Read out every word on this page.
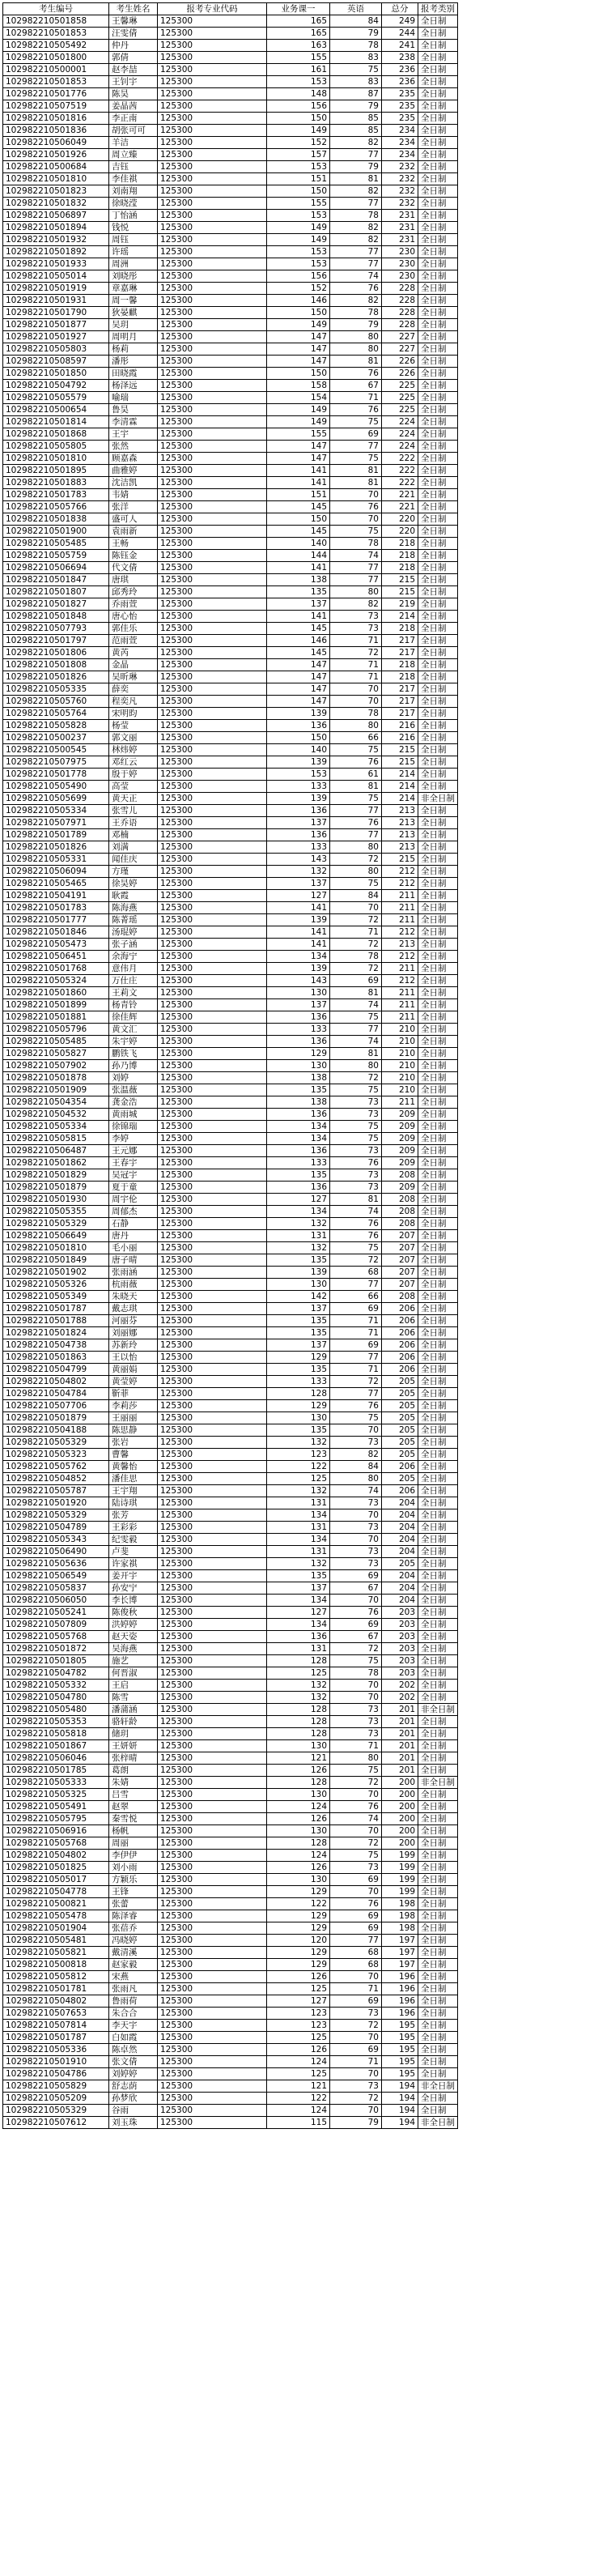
考生编号	考生姓名	报考专业代码	业务课一	英语	总分	报考类别
102982210501858	王馨琳	125300	165	84	249	全日制
102982210501853	汪雯倩	125300	165	79	244	全日制
102982210505492	仲丹	125300	163	78	241	全日制
102982210501800	郭倩	125300	155	83	238	全日制
102982210500001	赵李喆	125300	161	75	236	全日制
102982210501853	王钊宇	125300	153	83	236	全日制
102982210501776	陈昊	125300	148	87	235	全日制
102982210507519	姜晶茜	125300	156	79	235	全日制
102982210501816	李正南	125300	150	85	235	全日制
102982210501836	胡张可可	125300	149	85	234	全日制
102982210506049	羊洁	125300	152	82	234	全日制
102982210501926	周立臻	125300	157	77	234	全日制
102982210500684	吉钰	125300	153	79	232	全日制
102982210501810	李佳祺	125300	151	81	232	全日制
102982210501823	刘南翔	125300	150	82	232	全日制
102982210501832	徐晓滢	125300	155	77	232	全日制
102982210506897	丁怡涵	125300	153	78	231	全日制
102982210501894	钱悦	125300	149	82	231	全日制
102982210501932	周钰	125300	149	82	231	全日制
102982210501892	许瑶	125300	153	77	230	全日制
102982210501933	周洲	125300	153	77	230	全日制
102982210505014	刘晓彤	125300	156	74	230	全日制
102982210501919	章嘉琳	125300	152	76	228	全日制
102982210501931	周一馨	125300	146	82	228	全日制
102982210501790	狄晏麒	125300	150	78	228	全日制
102982210501877	吴玥	125300	149	79	228	全日制
102982210501927	周明月	125300	147	80	227	全日制
102982210505803	杨莉	125300	147	80	227	全日制
102982210508597	潘彤	125300	147	81	226	全日制
102982210501850	田晓霞	125300	150	76	226	全日制
102982210504792	杨泽远	125300	158	67	225	全日制
102982210505579	喻瑞	125300	154	71	225	全日制
102982210500654	鲁昊	125300	149	76	225	全日制
102982210501814	李清霖	125300	149	75	224	全日制
102982210501868	王宇	125300	155	69	224	全日制
102982210505805	张然	125300	147	77	224	全日制
102982210501810	顾嘉森	125300	147	75	222	全日制
102982210501895	曲雅婷	125300	141	81	222	全日制
102982210501883	沈洁凯	125300	141	81	222	全日制
102982210501783	韦婧	125300	151	70	221	全日制
102982210505766	张洋	125300	145	76	221	全日制
102982210501838	盛可人	125300	150	70	220	全日制
102982210501900	袁雨新	125300	145	75	220	全日制
102982210505485	王畅	125300	140	78	218	全日制
102982210505759	陈钰金	125300	144	74	218	全日制
102982210506694	代文倩	125300	141	77	218	全日制
102982210501847	唐琪	125300	138	77	215	全日制
102982210501807	邱秀玲	125300	135	80	215	全日制
102982210501827	乔雨萱	125300	137	82	219	全日制
102982210501848	唐心怡	125300	141	73	214	全日制
102982210507793	郭佳乐	125300	145	73	218	全日制
102982210501797	范雨萱	125300	146	71	217	全日制
102982210501806	黄芮	125300	145	72	217	全日制
102982210501808	金晶	125300	147	71	218	全日制
102982210501826	吴昕琳	125300	147	71	218	全日制
102982210505335	薛奕	125300	147	70	217	全日制
102982210505760	程奕凡	125300	147	70	217	全日制
102982210505764	宋明昀	125300	139	78	217	全日制
102982210505828	杨莹	125300	136	80	216	全日制
102982210500237	郭文丽	125300	150	66	216	全日制
102982210500545	林炜婷	125300	140	75	215	全日制
102982210507975	邓红云	125300	139	76	215	全日制
102982210501778	殷于婷	125300	153	61	214	全日制
102982210505490	高莹	125300	133	81	214	全日制
102982210505699	黄天正	125300	139	75	214	非全日制
102982210505334	张雪儿	125300	136	77	213	全日制
102982210507971	王乔语	125300	137	76	213	全日制
102982210501789	邓楠	125300	136	77	213	全日制
102982210501826	刘满	125300	133	80	213	全日制
102982210505331	闻佳庆	125300	143	72	215	全日制
102982210506094	方瑾	125300	132	80	212	全日制
102982210505465	徐昊婷	125300	137	75	212	全日制
102982210504191	耿霞	125300	127	84	211	全日制
102982210501783	陈海燕	125300	141	70	211	全日制
102982210501777	陈菁瑶	125300	139	72	211	全日制
102982210501846	汤琨婷	125300	141	71	212	全日制
102982210505473	张子涵	125300	141	72	213	全日制
102982210506451	余海宁	125300	134	78	212	全日制
102982210501768	意伟月	125300	139	72	211	全日制
102982210505324	万仕庄	125300	143	69	212	全日制
102982210501860	王莉文	125300	130	81	211	全日制
102982210501899	杨青铃	125300	137	74	211	全日制
102982210501881	徐佳辉	125300	136	75	211	全日制
102982210505796	黄文汇	125300	133	77	210	全日制
102982210505485	朱宇婷	125300	136	74	210	全日制
102982210505827	鹏铁飞	125300	129	81	210	全日制
102982210507902	孙乃博	125300	130	80	210	全日制
102982210501878	刘婷	125300	138	72	210	全日制
102982210501909	张温薇	125300	135	75	210	全日制
102982210504354	龚金浩	125300	138	73	211	全日制
102982210504532	黄雨城	125300	136	73	209	全日制
102982210505334	徐锦瑞	125300	134	75	209	全日制
102982210505815	李婷	125300	134	75	209	全日制
102982210506487	王元娜	125300	136	73	209	全日制
102982210501862	王春宇	125300	133	76	209	全日制
102982210501829	吴冠宇	125300	135	73	208	全日制
102982210501879	夏于童	125300	136	73	209	全日制
102982210501930	周宇伦	125300	127	81	208	全日制
102982210505355	周郁杰	125300	134	74	208	全日制
102982210505329	石静	125300	132	76	208	全日制
102982210506649	唐丹	125300	131	76	207	全日制
102982210501810	毛小丽	125300	132	75	207	全日制
102982210501849	唐子晴	125300	135	72	207	全日制
102982210501902	张雨涵	125300	139	68	207	全日制
102982210505326	杭雨薇	125300	130	77	207	全日制
102982210505349	朱晓天	125300	142	66	208	全日制
102982210501787	戴志琪	125300	137	69	206	全日制
102982210501788	河丽芬	125300	135	71	206	全日制
102982210501824	刘丽娜	125300	135	71	206	全日制
102982210504738	苏新玲	125300	137	69	206	全日制
102982210501863	王以怡	125300	129	77	206	全日制
102982210504799	黄丽娟	125300	135	71	206	全日制
102982210504802	黄莹婷	125300	133	72	205	全日制
102982210504784	靳菲	125300	128	77	205	全日制
102982210507706	李莉莎	125300	129	76	205	全日制
102982210501879	王丽丽	125300	130	75	205	全日制
102982210504188	陈思静	125300	135	70	205	全日制
102982210505329	张岩	125300	132	73	205	全日制
102982210505323	曹馨	125300	123	82	205	全日制
102982210505762	黄馨怡	125300	122	84	206	全日制
102982210504852	潘佳思	125300	125	80	205	全日制
102982210505787	王宇翔	125300	132	74	206	全日制
102982210501920	陆诗琪	125300	131	73	204	全日制
102982210505329	张芳	125300	134	70	204	全日制
102982210504789	王彩彩	125300	131	73	204	全日制
102982210505343	纪雯毅	125300	134	70	204	全日制
102982210506490	卢斐	125300	131	73	204	全日制
102982210505636	许家祺	125300	132	73	205	全日制
102982210506549	姜开宇	125300	135	69	204	全日制
102982210505837	孙安宁	125300	137	67	204	全日制
102982210506050	李长博	125300	134	70	204	全日制
102982210505241	陈俊秋	125300	127	76	203	全日制
102982210507809	洪婷婷	125300	134	69	203	全日制
102982210505768	赵天姿	125300	136	67	203	全日制
102982210501872	吴海燕	125300	131	72	203	全日制
102982210501805	施艺	125300	128	75	203	全日制
102982210504782	何晋淑	125300	125	78	203	全日制
102982210505332	王启	125300	132	70	202	全日制
102982210504780	陈雪	125300	132	70	202	全日制
102982210505480	潘蒲涵	125300	128	73	201	非全日制
102982210505353	骆轩龄	125300	128	73	201	全日制
102982210505818	储玥	125300	128	73	201	全日制
102982210501867	王妍妍	125300	130	71	201	全日制
102982210506046	张梓晴	125300	121	80	201	全日制
102982210501785	葛朗	125300	126	75	201	全日制
102982210505333	朱婧	125300	128	72	200	非全日制
102982210505325	吕雪	125300	130	70	200	全日制
102982210505491	赵翠	125300	124	76	200	全日制
102982210505795	秦雪悦	125300	126	74	200	全日制
102982210506916	杨帆	125300	130	70	200	全日制
102982210505768	周丽	125300	128	72	200	全日制
102982210504802	李伊伊	125300	124	75	199	全日制
102982210501825	刘小雨	125300	126	73	199	全日制
102982210505017	方颖乐	125300	130	69	199	全日制
102982210504778	王锋	125300	129	70	199	全日制
102982210500821	张蕾	125300	122	76	198	全日制
102982210505478	陈泽睿	125300	129	69	198	全日制
102982210501904	张蓓乔	125300	129	69	198	全日制
102982210505481	冯晓婷	125300	120	77	197	全日制
102982210505821	戴清溪	125300	129	68	197	全日制
102982210500818	赵家毅	125300	129	68	197	全日制
102982210505812	宋燕	125300	126	70	196	全日制
102982210501781	张雨凡	125300	125	71	196	全日制
102982210504802	鲁雨荷	125300	127	69	196	全日制
102982210507653	朱合合	125300	123	73	196	全日制
102982210507814	李天宇	125300	123	72	195	全日制
102982210501787	白如霞	125300	125	70	195	全日制
102982210505336	陈卓然	125300	126	69	195	全日制
102982210501910	张文倩	125300	124	71	195	全日制
102982210504786	刘婷婷	125300	125	70	195	全日制
102982210505829	舒志荫	125300	121	73	194	非全日制
102982210505209	孙梦欣	125300	122	72	194	全日制
102982210505329	谷雨	125300	124	70	194	全日制
102982210507612	刘玉珠	125300	115	79	194	非全日制
